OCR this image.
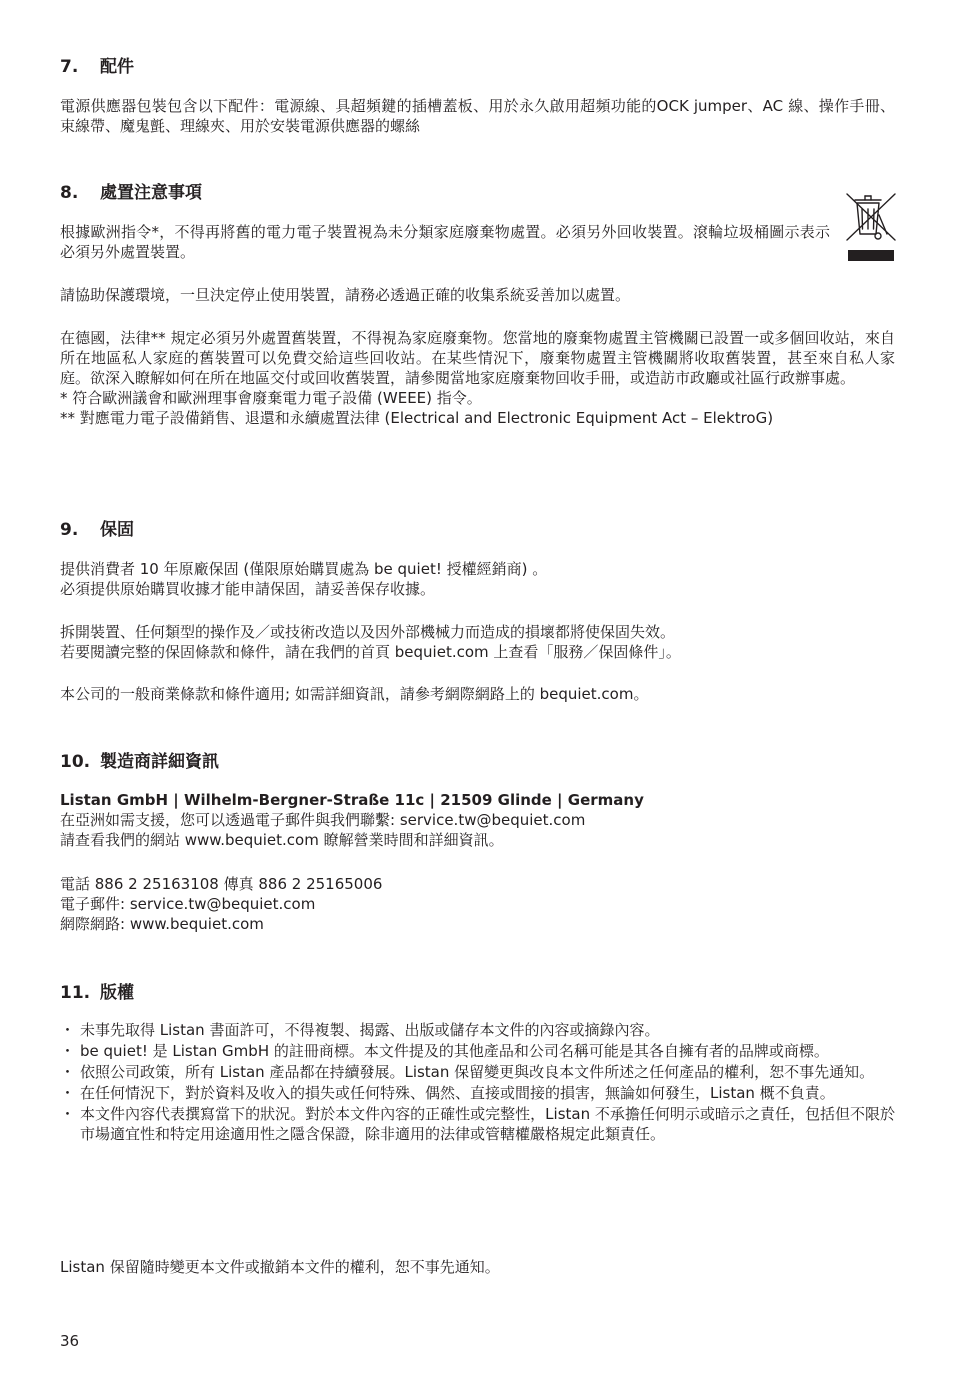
7. 配件
電源供應器包裝包含以下配件：電源線、具超頻鍵的插槽蓋板、用於永久啟用超頻功能的OCK jumper、AC 線、操作手冊、束線帶、魔鬼氈、理線夾、用於安裝電源供應器的螺絲
8. 處置注意事項
根據歐洲指令*，不得再將舊的電力電子裝置視為未分類家庭廢棄物處置。必須另外回收裝置。滾輪垃圾桶圖示表示必須另外處置裝置。
請協助保護環境，一旦決定停止使用裝置，請務必透過正確的收集系統妥善加以處置。

在德國，法律** 規定必須另外處置舊裝置，不得視為家庭廢棄物。您當地的廢棄物處置主管機關已設置一或多個回收站，來自所在地區私人家庭的舊裝置可以免費交給這些回收站。在某些情況下，廢棄物處置主管機關將收取舊裝置，甚至來自私人家庭。欲深入瞭解如何在所在地區交付或回收舊裝置，請參閱當地家庭廢棄物回收手冊，或造訪市政廳或社區行政辦事處。

* 符合歐洲議會和歐洲理事會廢棄電力電子設備 (WEEE) 指令。

** 對應電力電子設備銷售、退還和永續處置法律 (Electrical and Electronic Equipment Act – ElektroG)

9. 保固

提供消費者 10 年原廠保固 (僅限原始購買處為 be quiet! 授權經銷商) 。

必須提供原始購買收據才能申請保固，請妥善保存收據。

拆開裝置、任何類型的操作及／或技術改造以及因外部機械力而造成的損壞都將使保固失效。

若要閱讀完整的保固條款和條件，請在我們的首頁 bequiet.com 上查看「服務／保固條件」。

本公司的一般商業條款和條件適用; 如需詳細資訊，請參考網際網路上的 bequiet.com。
10. 製造商詳細資訊

Listan GmbH | Wilhelm-Bergner-Straße 11c | 21509 Glinde | Germany

在亞洲如需支援，您可以透過電子郵件與我們聯繫: service.tw@bequiet.com

請查看我們的網站 www.bequiet.com 瞭解營業時間和詳細資訊。

電話 886 2 25163108 傳真 886 2 25165006

電子郵件: service.tw@bequiet.com

網際網路: www.bequiet.com

11. 版權
・ 未事先取得 Listan 書面許可，不得複製、揭露、出版或儲存本文件的內容或摘錄內容。
・ be quiet! 是 Listan GmbH 的註冊商標。本文件提及的其他產品和公司名稱可能是其各自擁有者的品牌或商標。
・ 依照公司政策，所有 Listan 產品都在持續發展。Listan 保留變更與改良本文件所述之任何產品的權利，恕不事先通知。
・ 在任何情況下，對於資料及收入的損失或任何特殊、偶然、直接或間接的損害，無論如何發生，Listan 概不負責。
・ 本文件內容代表撰寫當下的狀況。對於本文件內容的正確性或完整性，Listan 不承擔任何明示或暗示之責任，包括但不限於市場適宜性和特定用途適用性之隱含保證，除非適用的法律或管轄權嚴格規定此類責任。
Listan 保留隨時變更本文件或撤銷本文件的權利，恕不事先通知。
36
